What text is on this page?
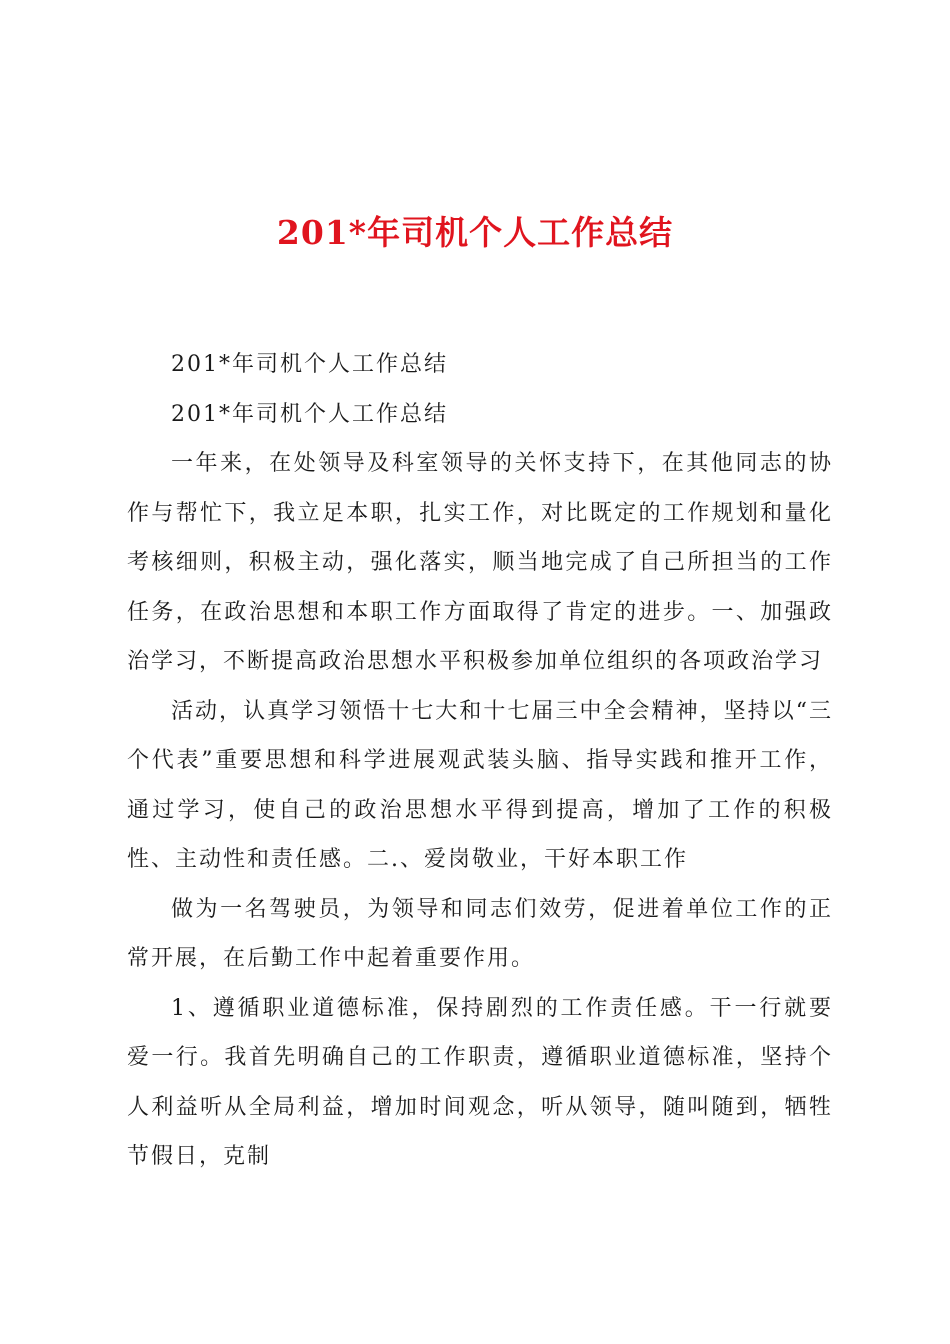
201*年司机个人工作总结

201*年司机个人工作总结

201*年司机个人工作总结

一年来，在处领导及科室领导的关怀支持下，在其他同志的协作与帮忙下，我立足本职，扎实工作，对比既定的工作规划和量化考核细则，积极主动，强化落实，顺当地完成了自己所担当的工作任务，在政治思想和本职工作方面取得了肯定的进步。一、加强政治学习，不断提高政治思想水平积极参加单位组织的各项政治学习

活动，认真学习领悟十七大和十七届三中全会精神，坚持以“三个代表”重要思想和科学进展观武装头脑、指导实践和推开工作，通过学习，使自己的政治思想水平得到提高，增加了工作的积极性、主动性和责任感。二.、爱岗敬业，干好本职工作

做为一名驾驶员，为领导和同志们效劳，促进着单位工作的正常开展，在后勤工作中起着重要作用。

1、遵循职业道德标准，保持剧烈的工作责任感。干一行就要爱一行。我首先明确自己的工作职责，遵循职业道德标准，坚持个人利益听从全局利益，增加时间观念，听从领导，随叫随到，牺牲节假日，克制
